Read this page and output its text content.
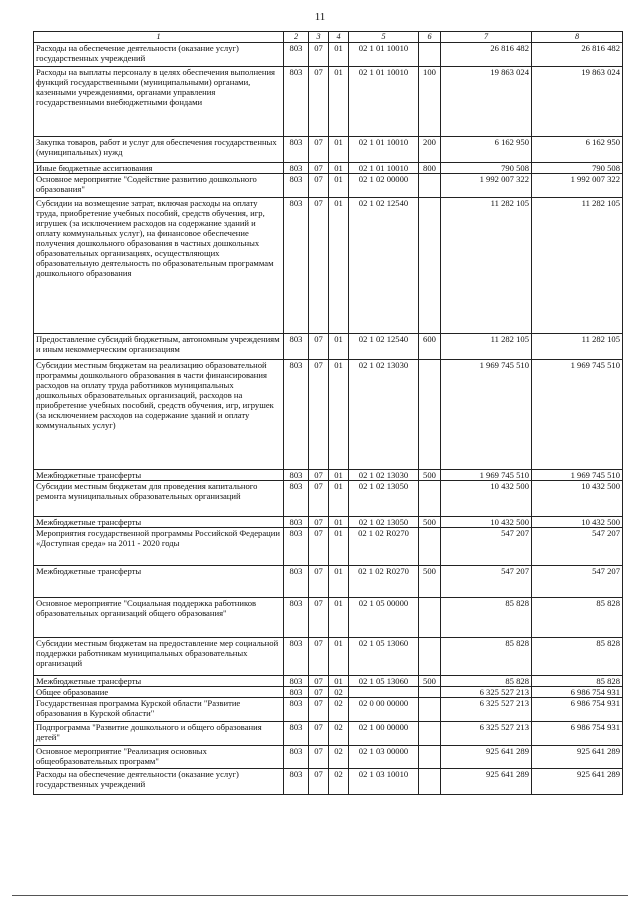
11
1	2	3	4	5	6	7	8
Расходы на обеспечение деятельности (оказание услуг) государственных учреждений	803	07	01	02 1 01 10010		26 816 482	26 816 482
Расходы на выплаты персоналу в целях обеспечения выполнения функций государственными (муниципальными) органами, казенными учреждениями, органами управления государственными внебюджетными фондами	803	07	01	02 1 01 10010	100	19 863 024	19 863 024
Закупка товаров, работ и услуг для обеспечения государственных (муниципальных) нужд	803	07	01	02 1 01 10010	200	6 162 950	6 162 950
Иные бюджетные ассигнования	803	07	01	02 1 01 10010	800	790 508	790 508
Основное мероприятие "Содействие развитию дошкольного образования"	803	07	01	02 1 02 00000		1 992 007 322	1 992 007 322
Субсидии на возмещение затрат, включая расходы на оплату труда, приобретение учебных пособий, средств обучения, игр, игрушек (за исключением расходов на содержание зданий и оплату коммунальных услуг), на финансовое обеспечение получения дошкольного образования в частных дошкольных образовательных организациях, осуществляющих образовательную деятельность по образовательным программам дошкольного образования	803	07	01	02 1 02 12540		11 282 105	11 282 105
Предоставление субсидий бюджетным, автономным учреждениям и иным некоммерческим организациям	803	07	01	02 1 02 12540	600	11 282 105	11 282 105
Субсидии местным бюджетам на реализацию образовательной программы дошкольного образования в части финансирования расходов на оплату труда работников муниципальных дошкольных образовательных организаций, расходов на приобретение учебных пособий, средств обучения, игр, игрушек (за исключением расходов на содержание зданий и оплату коммунальных услуг)	803	07	01	02 1 02 13030		1 969 745 510	1 969 745 510
Межбюджетные трансферты	803	07	01	02 1 02 13030	500	1 969 745 510	1 969 745 510
Субсидии местным бюджетам для проведения капитального ремонта муниципальных образовательных организаций	803	07	01	02 1 02 13050		10 432 500	10 432 500
Межбюджетные трансферты	803	07	01	02 1 02 13050	500	10 432 500	10 432 500
Мероприятия государственной программы Российской Федерации «Доступная среда» на 2011 - 2020 годы	803	07	01	02 1 02 R0270		547 207	547 207
Межбюджетные трансферты	803	07	01	02 1 02 R0270	500	547 207	547 207
Основное мероприятие "Социальная поддержка работников образовательных организаций общего образования"	803	07	01	02 1 05 00000		85 828	85 828
Субсидии местным бюджетам на предоставление мер социальной поддержки работникам муниципальных образовательных организаций	803	07	01	02 1 05 13060		85 828	85 828
Межбюджетные трансферты	803	07	01	02 1 05 13060	500	85 828	85 828
Общее образование	803	07	02			6 325 527 213	6 986 754 931
Государственная программа Курской области "Развитие образования в Курской области"	803	07	02	02 0 00 00000		6 325 527 213	6 986 754 931
Подпрограмма "Развитие дошкольного и общего образования детей"	803	07	02	02 1 00 00000		6 325 527 213	6 986 754 931
Основное мероприятие "Реализация основных общеобразовательных программ"	803	07	02	02 1 03 00000		925 641 289	925 641 289
Расходы на обеспечение деятельности (оказание услуг) государственных учреждений	803	07	02	02 1 03 10010		925 641 289	925 641 289
